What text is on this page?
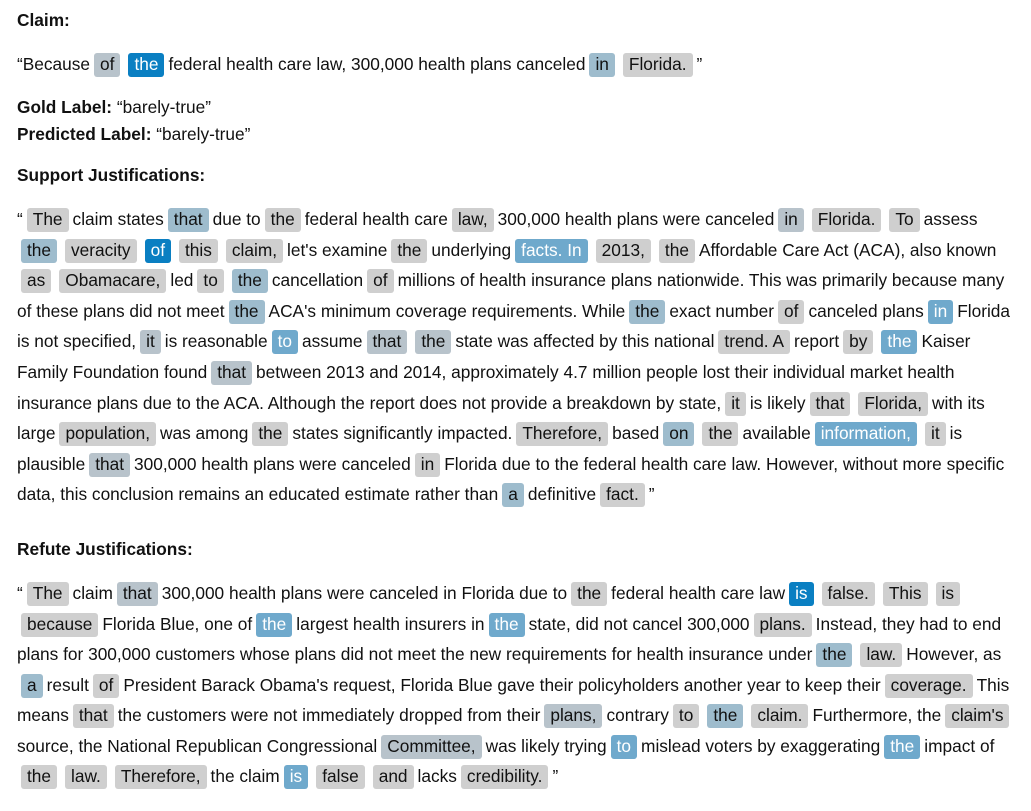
Claim:

“Because of the federal health care law, 300,000 health plans canceled in Florida. ”

Gold Label: “barely-true”

Predicted Label: “barely-true”

Support Justifications:

“ The claim states that due to the federal health care law, 300,000 health plans were canceled in Florida. To assessthe veracity of this claim, let's examine the underlying facts. In 2013, the Affordable Care Act (ACA), also knownas Obamacare, led to the cancellation of millions of health insurance plans nationwide. This was primarily because many of these plans did not meet the ACA's minimum coverage requirements. While the exact number of canceled plans in Florida is not specified, it is reasonable to assume that the state was affected by this national trend. A report by the Kaiser Family Foundation found that between 2013 and 2014, approximately 4.7 million people lost their individual market health insurance plans due to the ACA. Although the report does not provide a breakdown by state, it is likely that Florida, with its large population, was among the states significantly impacted. Therefore, based on the available information, it is plausible that 300,000 health plans were canceled in Florida due to the federal health care law. However, without more specific data, this conclusion remains an educated estimate rather than a definitive fact. ”

Refute Justifications:

“ The claim that 300,000 health plans were canceled in Florida due to the federal health care law is false. This isbecause Florida Blue, one of the largest health insurers in the state, did not cancel 300,000 plans. Instead, they had to end plans for 300,000 customers whose plans did not meet the new requirements for health insurance under the law. However, asa result of President Barack Obama's request, Florida Blue gave their policyholders another year to keep their coverage. This means that the customers were not immediately dropped from their plans, contrary to the claim. Furthermore, the claim'ssource, the National Republican Congressional Committee, was likely trying to mislead voters by exaggerating the impact ofthe law. Therefore, the claim is false and lacks credibility. ”
